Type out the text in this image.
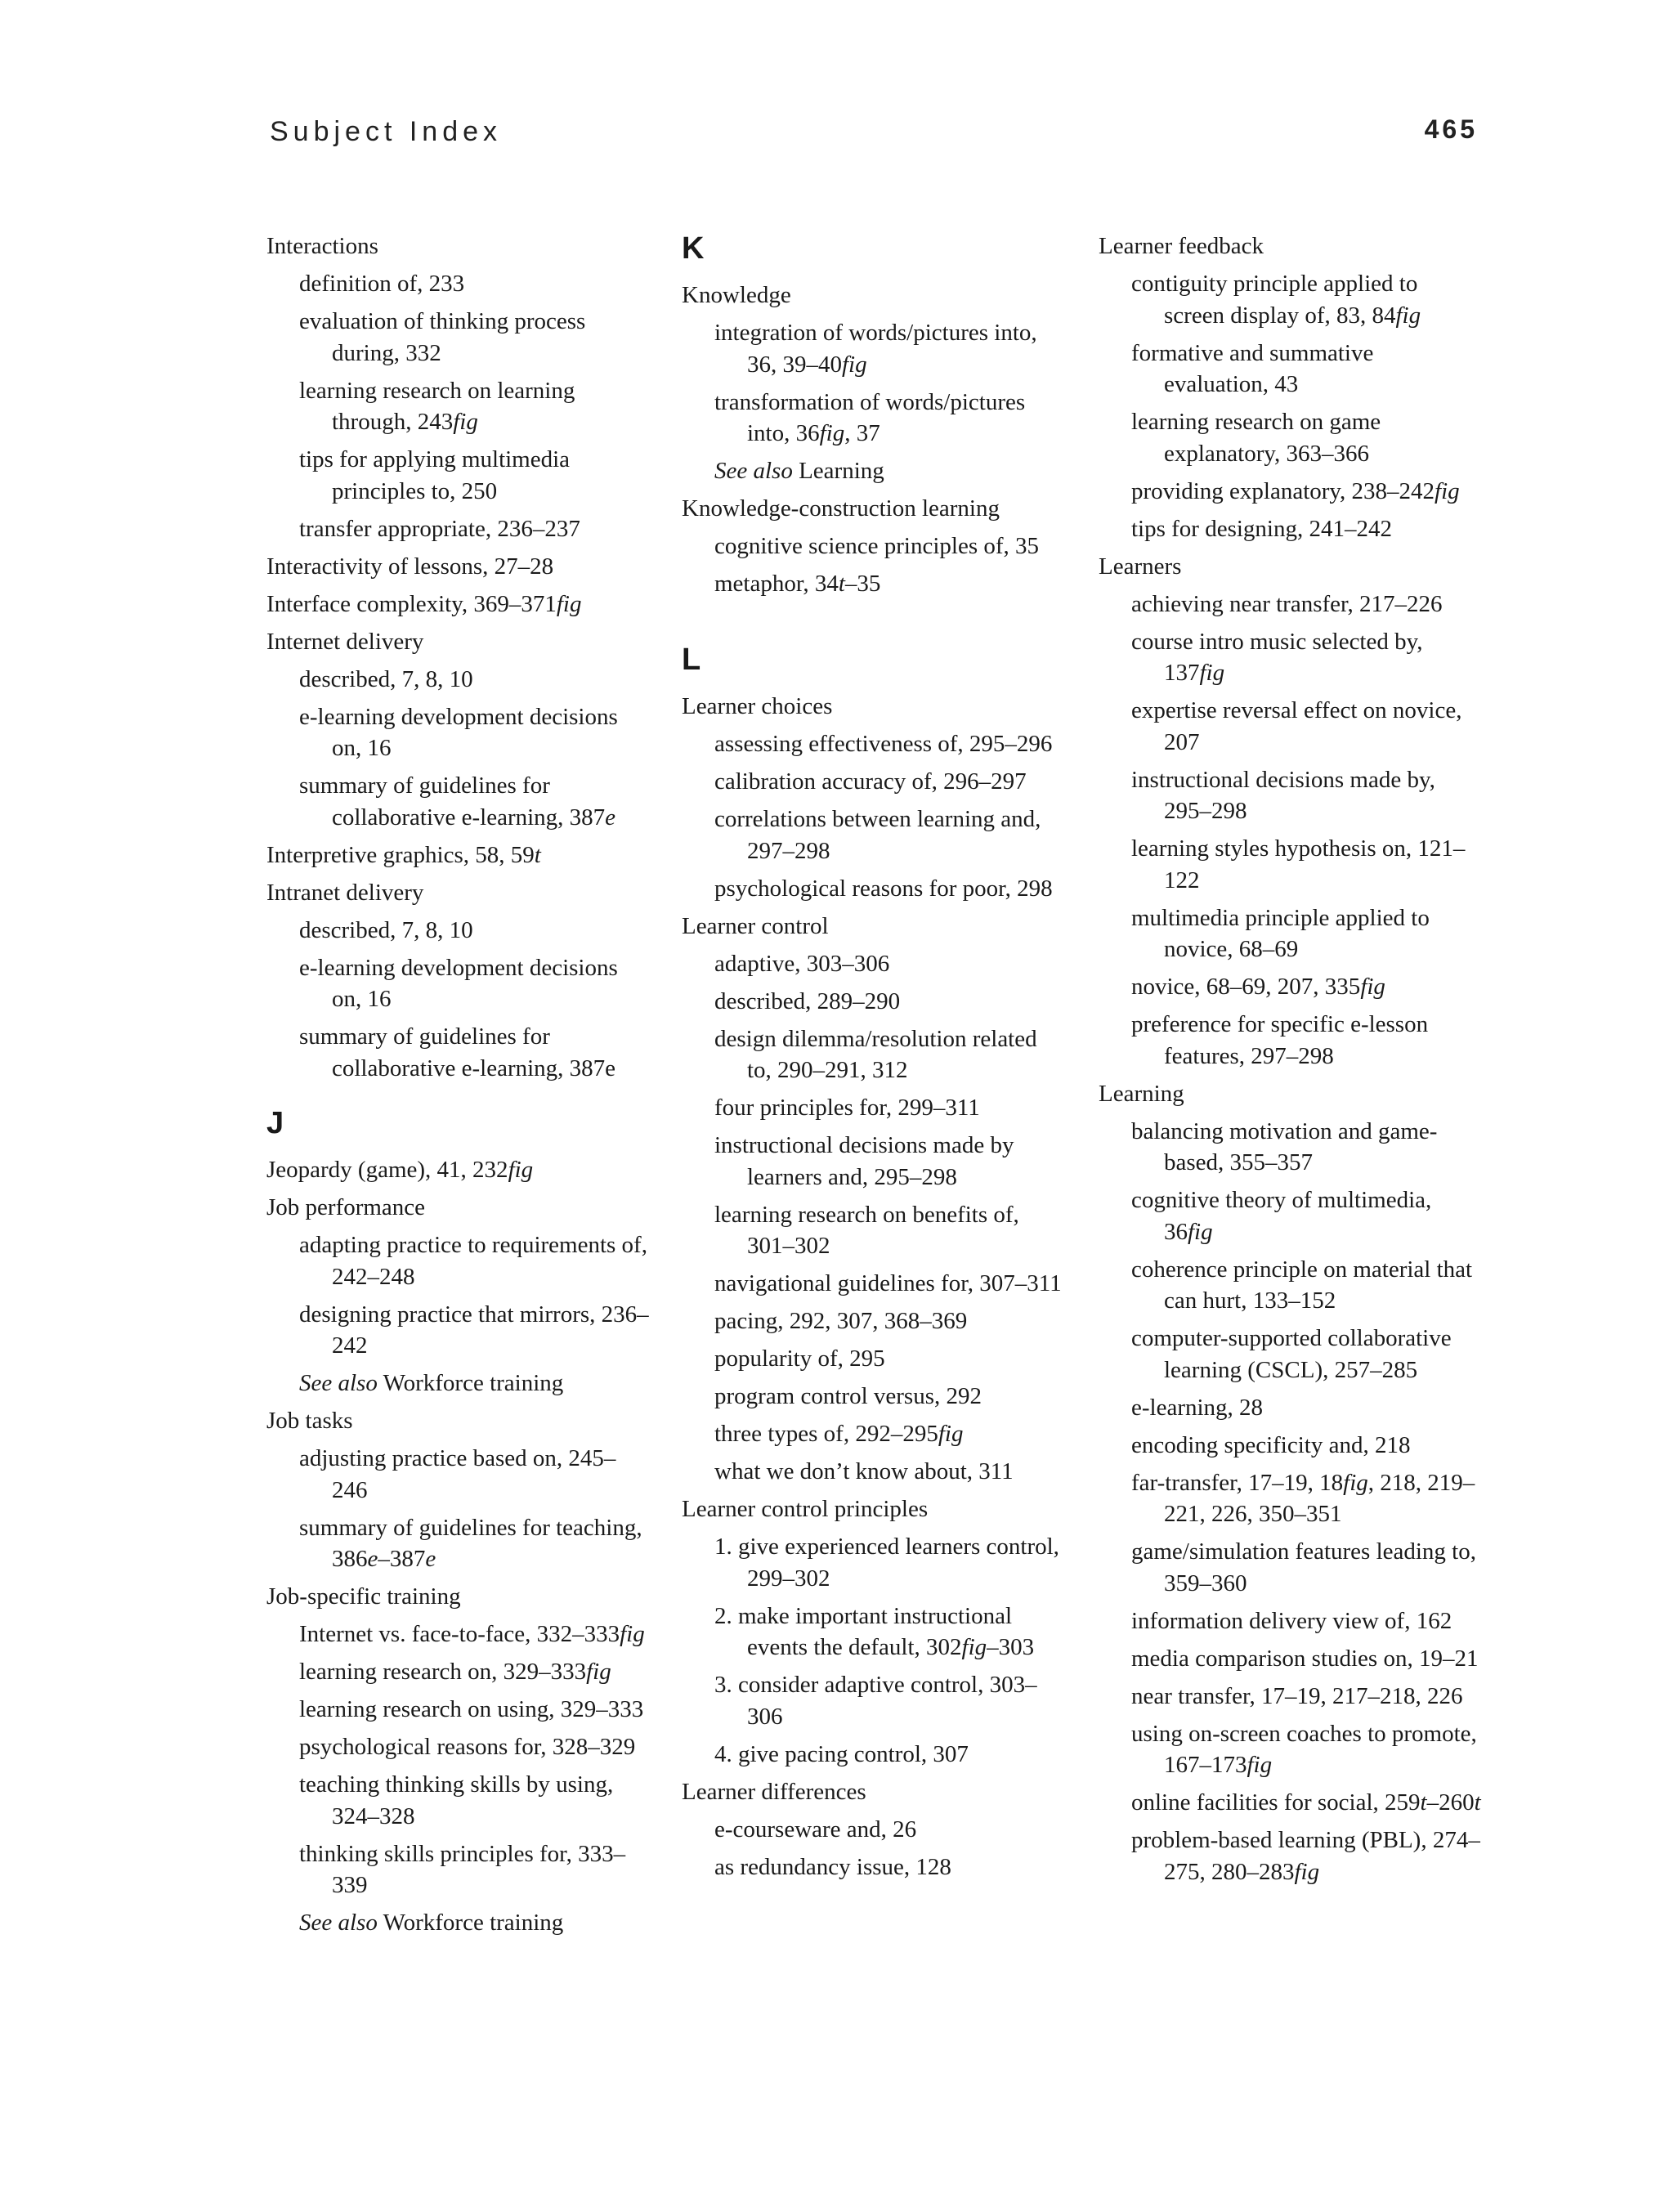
Subject Index	465
Interactions
definition of, 233
evaluation of thinking process during, 332
learning research on learning through, 243fig
tips for applying multimedia principles to, 250
transfer appropriate, 236–237
Interactivity of lessons, 27–28
Interface complexity, 369–371fig
Internet delivery
described, 7, 8, 10
e-learning development decisions on, 16
summary of guidelines for collaborative e-learning, 387e
Interpretive graphics, 58, 59t
Intranet delivery
described, 7, 8, 10
e-learning development decisions on, 16
summary of guidelines for collaborative e-learning, 387e
J
Jeopardy (game), 41, 232fig
Job performance
adapting practice to requirements of, 242–248
designing practice that mirrors, 236–242
See also Workforce training
Job tasks
adjusting practice based on, 245–246
summary of guidelines for teaching, 386e–387e
Job-specific training
Internet vs. face-to-face, 332–333fig
learning research on, 329–333fig
learning research on using, 329–333
psychological reasons for, 328–329
teaching thinking skills by using, 324–328
thinking skills principles for, 333–339
See also Workforce training
K
Knowledge
integration of words/pictures into, 36, 39–40fig
transformation of words/pictures into, 36fig, 37
See also Learning
Knowledge-construction learning
cognitive science principles of, 35
metaphor, 34t–35
L
Learner choices
assessing effectiveness of, 295–296
calibration accuracy of, 296–297
correlations between learning and, 297–298
psychological reasons for poor, 298
Learner control
adaptive, 303–306
described, 289–290
design dilemma/resolution related to, 290–291, 312
four principles for, 299–311
instructional decisions made by learners and, 295–298
learning research on benefits of, 301–302
navigational guidelines for, 307–311
pacing, 292, 307, 368–369
popularity of, 295
program control versus, 292
three types of, 292–295fig
what we don’t know about, 311
Learner control principles
1. give experienced learners control, 299–302
2. make important instructional events the default, 302fig–303
3. consider adaptive control, 303–306
4. give pacing control, 307
Learner differences
e-courseware and, 26
as redundancy issue, 128
Learner feedback
contiguity principle applied to screen display of, 83, 84fig
formative and summative evaluation, 43
learning research on game explanatory, 363–366
providing explanatory, 238–242fig
tips for designing, 241–242
Learners
achieving near transfer, 217–226
course intro music selected by, 137fig
expertise reversal effect on novice, 207
instructional decisions made by, 295–298
learning styles hypothesis on, 121–122
multimedia principle applied to novice, 68–69
novice, 68–69, 207, 335fig
preference for specific e-lesson features, 297–298
Learning
balancing motivation and game-based, 355–357
cognitive theory of multimedia, 36fig
coherence principle on material that can hurt, 133–152
computer-supported collaborative learning (CSCL), 257–285
e-learning, 28
encoding specificity and, 218
far-transfer, 17–19, 18fig, 218, 219–221, 226, 350–351
game/simulation features leading to, 359–360
information delivery view of, 162
media comparison studies on, 19–21
near transfer, 17–19, 217–218, 226
using on-screen coaches to promote, 167–173fig
online facilities for social, 259t–260t
problem-based learning (PBL), 274–275, 280–283fig
